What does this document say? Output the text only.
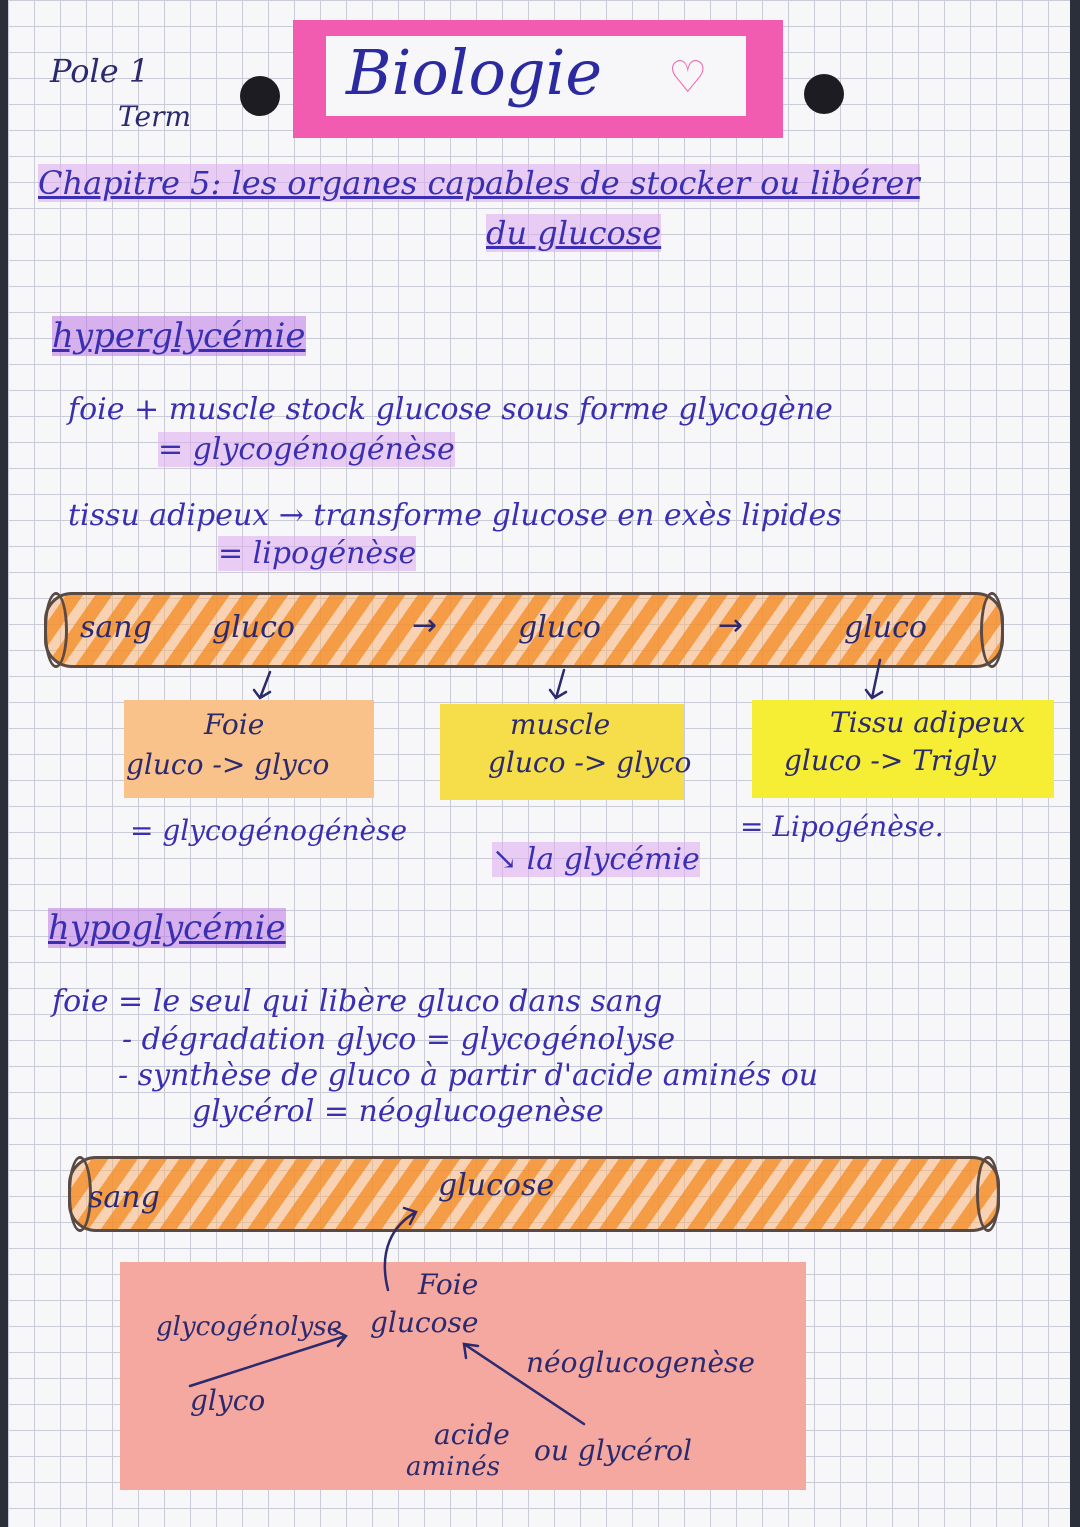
Pole 1
Term
Biologie ♡
Chapitre 5: les organes capables de stocker ou libérer
du glucose
hyperglycémie
foie + muscle stock glucose sous forme glycogène
= glycogénogénèse
tissu adipeux → transforme glucose en exès lipides
= lipogénèse
sang gluco	→	gluco	→	gluco
Foie
gluco -> glyco
= glycogénogénèse
muscle
gluco -> glyco
Tissu adipeux
gluco -> Trigly
= Lipogénèse.
↘ la glycémie
hypoglycémie
foie = le seul qui libère gluco dans sang
- dégradation glyco = glycogénolyse
- synthèse de gluco à partir d'acide aminés ou
glycérol = néoglucogenèse
sang	glucose
Foie
glycogénolyse glucose
glyco
néoglucogenèse
acide
aminés ou glycérol
